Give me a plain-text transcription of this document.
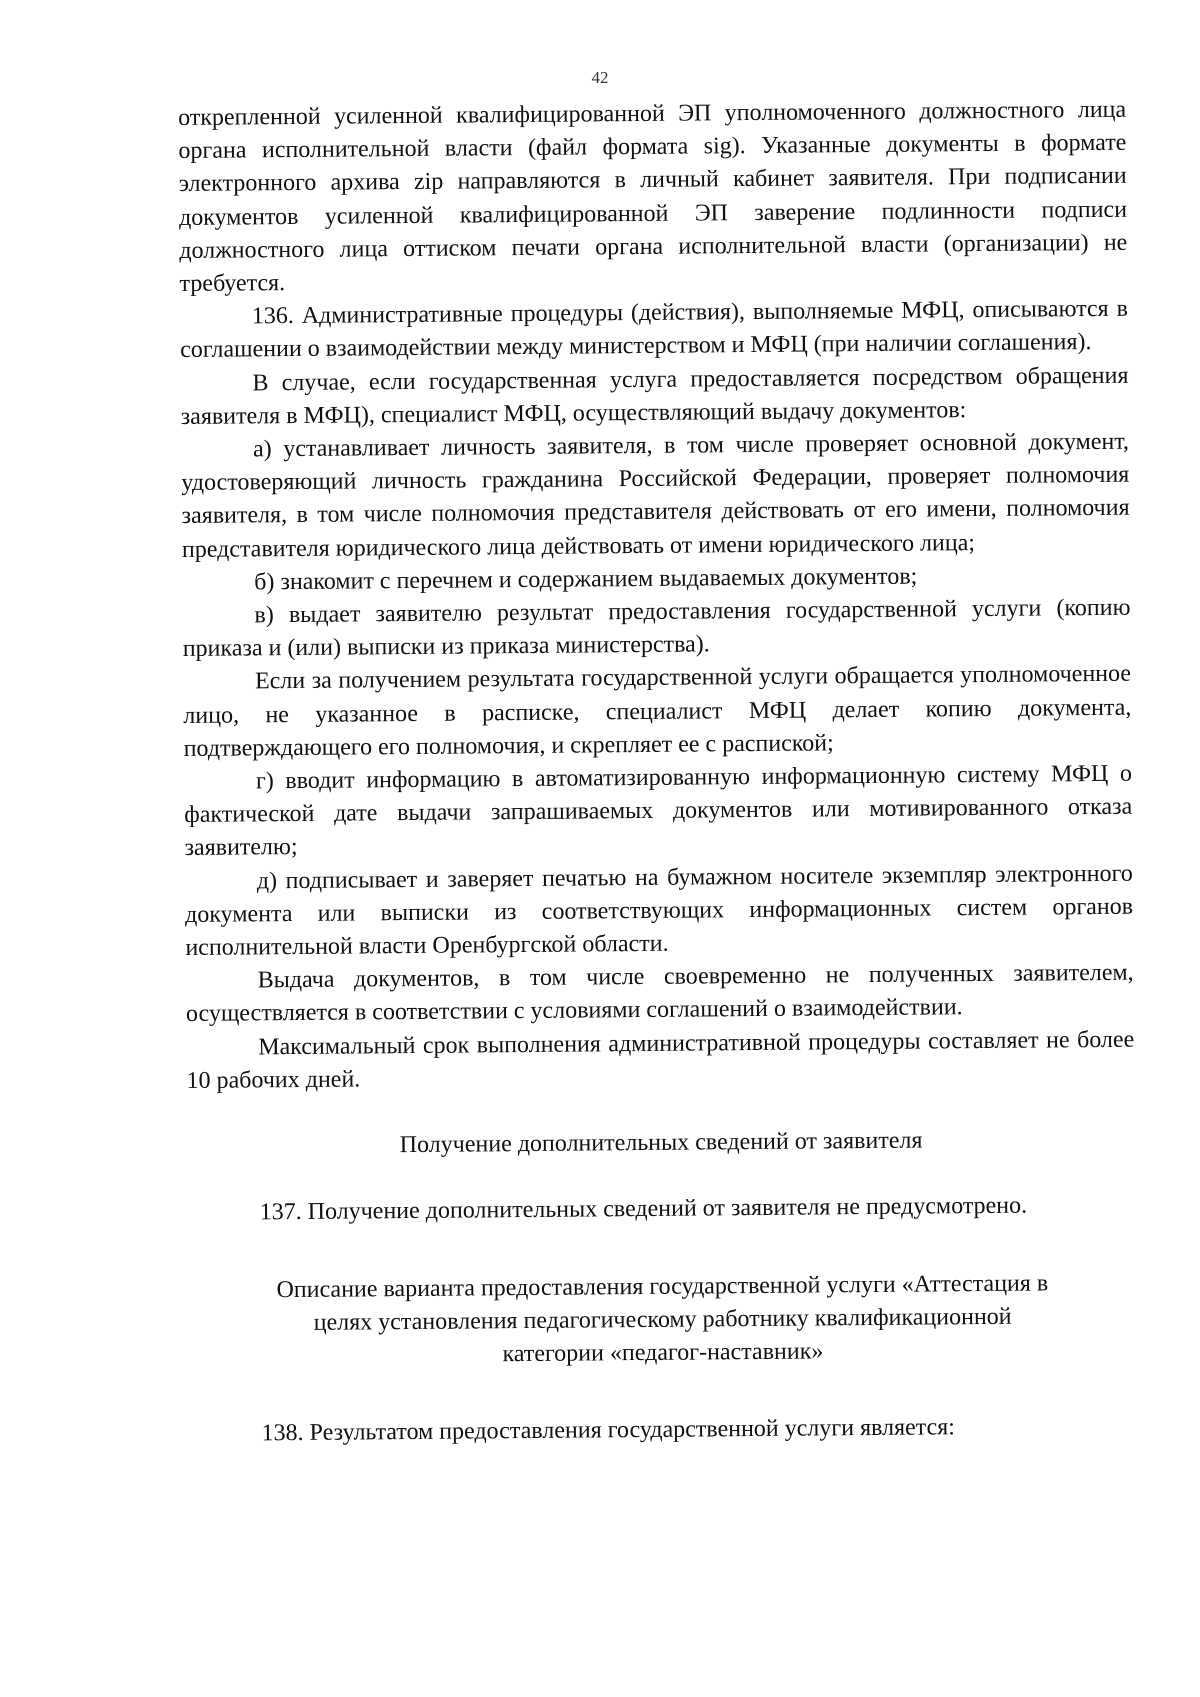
42

открепленной усиленной квалифицированной ЭП уполномоченного должностного лица органа исполнительной власти (файл формата sig). Указанные документы в формате электронного архива zip направляются в личный кабинет заявителя. При подписании документов усиленной квалифицированной ЭП заверение подлинности подписи должностного лица оттиском печати органа исполнительной власти (организации) не требуется.

136. Административные процедуры (действия), выполняемые МФЦ, описываются в соглашении о взаимодействии между министерством и МФЦ (при наличии соглашения).

В случае, если государственная услуга предоставляется посредством обращения заявителя в МФЦ), специалист МФЦ, осуществляющий выдачу документов:

а) устанавливает личность заявителя, в том числе проверяет основной документ, удостоверяющий личность гражданина Российской Федерации, проверяет полномочия заявителя, в том числе полномочия представителя действовать от его имени, полномочия представителя юридического лица действовать от имени юридического лица;

б) знакомит с перечнем и содержанием выдаваемых документов;

в) выдает заявителю результат предоставления государственной услуги (копию приказа и (или) выписки из приказа министерства).

Если за получением результата государственной услуги обращается уполномоченное лицо, не указанное в расписке, специалист МФЦ делает копию документа, подтверждающего его полномочия, и скрепляет ее с распиской;

г) вводит информацию в автоматизированную информационную систему МФЦ о фактической дате выдачи запрашиваемых документов или мотивированного отказа заявителю;

д) подписывает и заверяет печатью на бумажном носителе экземпляр электронного документа или выписки из соответствующих информационных систем органов исполнительной власти Оренбургской области.

Выдача документов, в том числе своевременно не полученных заявителем, осуществляется в соответствии с условиями соглашений о взаимодействии.

Максимальный срок выполнения административной процедуры составляет не более 10 рабочих дней.

Получение дополнительных сведений от заявителя

137. Получение дополнительных сведений от заявителя не предусмотрено.

Описание варианта предоставления государственной услуги «Аттестация в
целях установления педагогическому работнику квалификационной
категории «педагог-наставник»

138. Результатом предоставления государственной услуги является:
